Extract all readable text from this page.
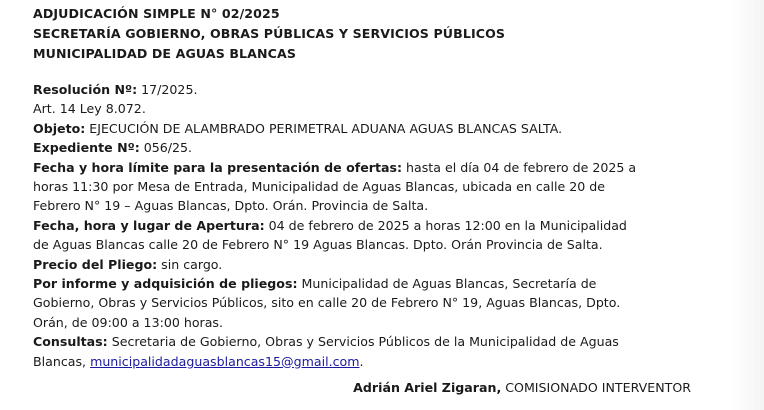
ADJUDICACIÓN SIMPLE N° 02/2025
SECRETARÍA GOBIERNO, OBRAS PÚBLICAS Y SERVICIOS PÚBLICOS
MUNICIPALIDAD DE AGUAS BLANCAS
Resolución Nº: 17/2025.
Art. 14 Ley 8.072.
Objeto: EJECUCIÓN DE ALAMBRADO PERIMETRAL ADUANA AGUAS BLANCAS SALTA.
Expediente Nº: 056/25.
Fecha y hora límite para la presentación de ofertas: hasta el día 04 de febrero de 2025 a
horas 11:30 por Mesa de Entrada, Municipalidad de Aguas Blancas, ubicada en calle 20 de
Febrero N° 19 – Aguas Blancas, Dpto. Orán. Provincia de Salta.
Fecha, hora y lugar de Apertura: 04 de febrero de 2025 a horas 12:00 en la Municipalidad
de Aguas Blancas calle 20 de Febrero N° 19 Aguas Blancas. Dpto. Orán Provincia de Salta.
Precio del Pliego: sin cargo.
Por informe y adquisición de pliegos: Municipalidad de Aguas Blancas, Secretaría de
Gobierno, Obras y Servicios Públicos, sito en calle 20 de Febrero N° 19, Aguas Blancas, Dpto.
Orán, de 09:00 a 13:00 horas.
Consultas: Secretaria de Gobierno, Obras y Servicios Públicos de la Municipalidad de Aguas
Blancas, municipalidadaguasblancas15@gmail.com.
Adrián Ariel Zigaran, COMISIONADO INTERVENTOR
